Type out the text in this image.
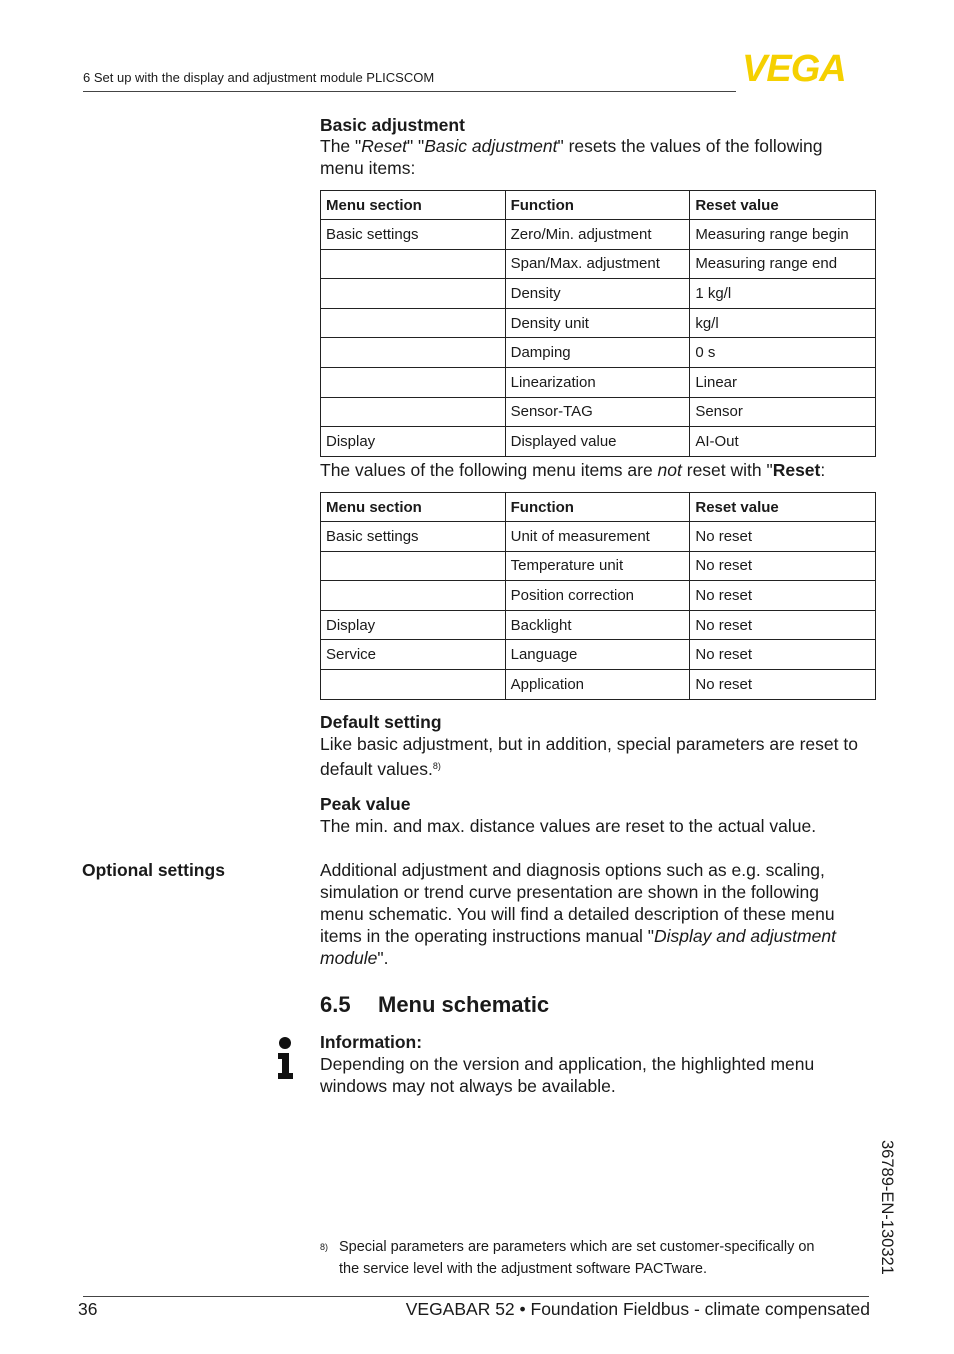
6 Set up with the display and adjustment module PLICSCOM	VEGA
Basic adjustment
The "Reset" "Basic adjustment" resets the values of the following
menu items:
Menu section	Function	Reset value
Basic settings	Zero/Min. adjustment	Measuring range begin
	Span/Max. adjustment	Measuring range end
	Density	1 kg/l
	Density unit	kg/l
	Damping	0 s
	Linearization	Linear
	Sensor-TAG	Sensor
Display	Displayed value	AI-Out
The values of the following menu items are not reset with "Reset:
Menu section	Function	Reset value
Basic settings	Unit of measurement	No reset
	Temperature unit	No reset
	Position correction	No reset
Display	Backlight	No reset
Service	Language	No reset
	Application	No reset
Default setting
Like basic adjustment, but in addition, special parameters are reset to
default values.$^{8)}$
Peak value
The min. and max. distance values are reset to the actual value.
Optional settings	Additional adjustment and diagnosis options such as e.g. scaling,
simulation or trend curve presentation are shown in the following
menu schematic. You will find a detailed description of these menu
items in the operating instructions manual "Display and adjustment
module".
6.5 Menu schematic
Information:
Depending on the version and application, the highlighted menu
windows may not always be available.
36789-EN-130321
8) Special parameters are parameters which are set customer-specifically on
the service level with the adjustment software PACTware.
36	VEGABAR 52 • Foundation Fieldbus - climate compensated
